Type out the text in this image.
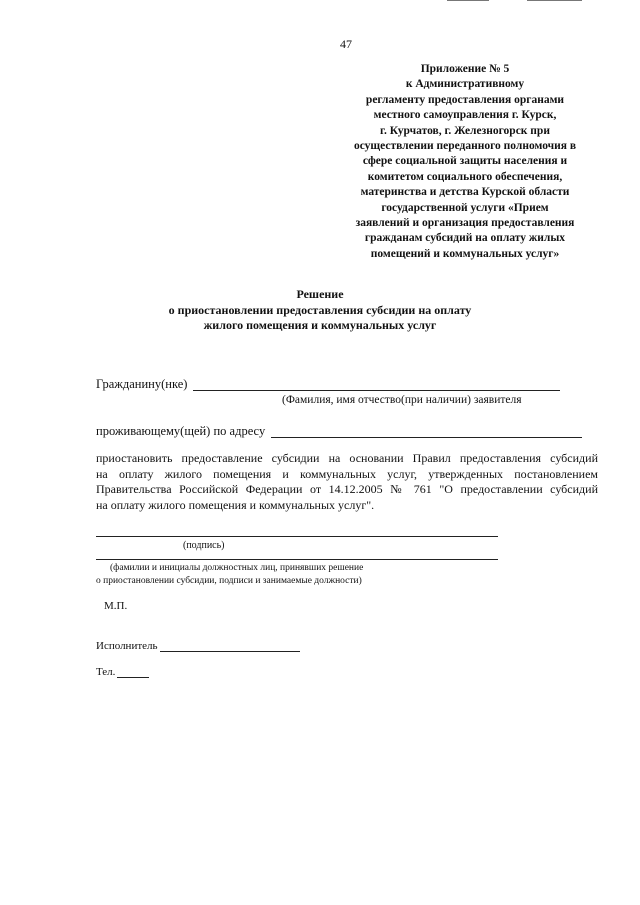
47
Приложение № 5
к Административному
регламенту предоставления органами
местного самоуправления г. Курск,
г. Курчатов, г. Железногорск при
осуществлении переданного полномочия в
сфере социальной защиты населения и
комитетом социального обеспечения,
материнства и детства Курской области
государственной услуги «Прием
заявлений и организация предоставления
гражданам субсидий на оплату жилых
помещений и коммунальных услуг»
Решение
о приостановлении предоставления субсидии на оплату
жилого помещения и коммунальных услуг
Гражданину(нке)
(Фамилия, имя отчество(при наличии) заявителя
проживающему(щей) по адресу
приостановить предоставление субсидии на основании Правил предоставления субсидий
на оплату жилого помещения и коммунальных услуг, утвержденных постановлением
Правительства Российской Федерации от 14.12.2005 № 761 "О предоставлении субсидий
на оплату жилого помещения и коммунальных услуг".
(подпись)
(фамилии и инициалы должностных лиц, принявших решение
о приостановлении субсидии, подписи и занимаемые должности)
М.П.
Исполнитель
Тел.
